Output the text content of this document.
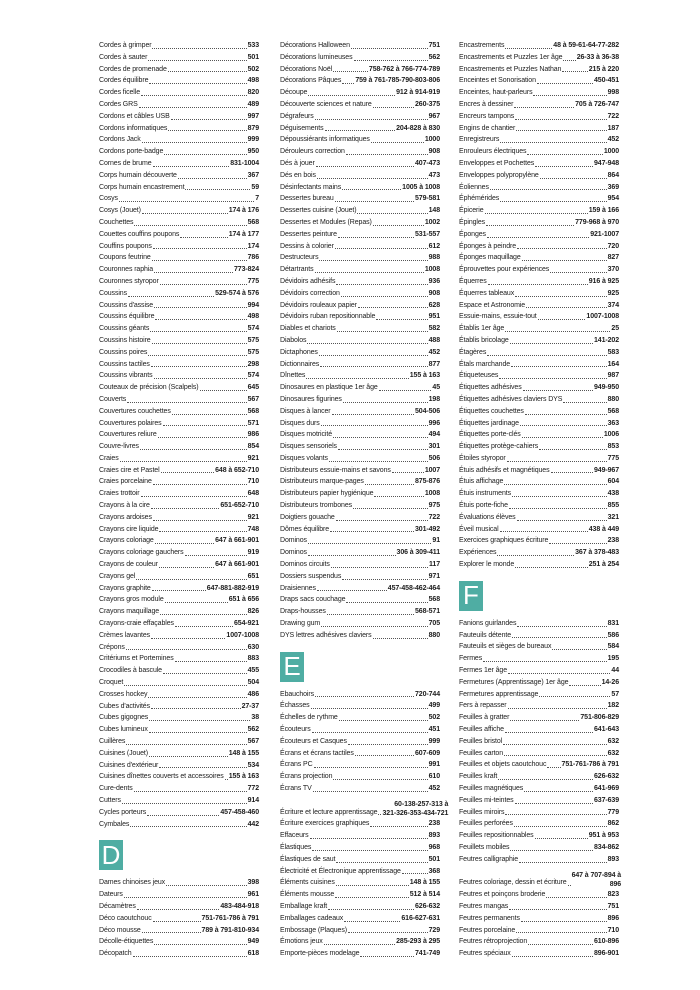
Cordes à grimper	533
Cordes à sauter	501
Cordes de promenade	502
Cordes équilibre	498
Cordes ficelle	820
Cordes GRS	489
Cordons et câbles USB	997
Cordons informatiques	879
Cordons Jack	999
Cordons porte-badge	950
Cornes de brume	831-1004
Corps humain découverte	367
Corps humain encastrement	59
Cosys	7
Cosys (Jouet)	174 à 176
Couchettes	568
Couettes couffins poupons	174 à 177
Couffins poupons	174
Coupons feutrine	786
Couronnes raphia	773-824
Couronnes styropor	775
Coussins	529-574 à 576
Coussins d'assise	994
Coussins équilibre	498
Coussins géants	574
Coussins histoire	575
Coussins poires	575
Coussins tactiles	298
Coussins vibrants	574
Couteaux de précision (Scalpels)	645
Couverts	567
Couvertures couchettes	568
Couvertures polaires	571
Couvertures reliure	986
Couvre-livres	854
Craies	921
Craies cire et Pastel	648 à 652-710
Craies porcelaine	710
Craies trottoir	648
Crayons à la cire	651-652-710
Crayons ardoises	921
Crayons cire liquide	748
Crayons coloriage	647 à 661-901
Crayons coloriage gauchers	919
Crayons de couleur	647 à 661-901
Crayons gel	651
Crayons graphite	647-881-882-919
Crayons gros module	651 à 656
Crayons maquillage	826
Crayons-craie effaçables	654-921
Crèmes lavantes	1007-1008
Crépons	630
Critériums et Portemines	883
Crocodiles à bascule	455
Croquet	504
Crosses hockey	486
Cubes d'activités	27-37
Cubes gigognes	38
Cubes lumineux	562
Cuillères	567
Cuisines (Jouet)	148 à 155
Cuisines d'extérieur	534
Cuisines dînettes couverts et accessoires 155 à 163
Cure-dents	772
Cutters	914
Cycles porteurs	457-458-460
Cymbales	442
D
Dames chinoises jeux	398
Dateurs	961
Décamètres	483-484-918
Déco caoutchouc	751-761-786 à 791
Déco mousse	789 à 791-810-934
Décolle-étiquettes	949
Décopatch	618
Décorations Halloween	751
Décorations lumineuses	562
Décorations Noël	758-762 à 766-774-789
Décorations Pâques 759 à 761-785-790-803-806
Découpe	912 à 914-919
Découverte sciences et nature	260-375
Dégrafeurs	967
Déguisements	204-828 à 830
Dépoussiérants informatiques	1000
Dérouleurs correction	908
Dés à jouer	407-473
Dés en bois	473
Désinfectants mains	1005 à 1008
Dessertes bureau	579-581
Dessertes cuisine (Jouet)	148
Dessertes et Modules (Repas)	1002
Dessertes peinture	531-557
Dessins à colorier	612
Destructeurs	988
Détartrants	1008
Dévidoirs adhésifs	936
Dévidoirs correction	908
Dévidoirs rouleaux papier	628
Dévidoirs ruban repositionnable	951
Diables et chariots	582
Diabolos	488
Dictaphones	452
Dictionnaires	877
Dînettes	155 à 163
Dinosaures en plastique 1er âge	45
Dinosaures figurines	198
Disques à lancer	504-506
Disques durs	996
Disques motricité	494
Disques sensoriels	301
Disques volants	506
Distributeurs essuie-mains et savons	1007
Distributeurs marque-pages	875-876
Distributeurs papier hygiénique	1008
Distributeurs trombones	975
Doigtiers gouache	722
Dômes équilibre	301-492
Dominos	91
Dominos	306 à 309-411
Dominos circuits	117
Dossiers suspendus	971
Draisiennes	457-458-462-464
Draps sacs couchage	568
Draps-housses	568-571
Drawing gum	705
DYS lettres adhésives claviers	880
E
Ebauchoirs	720-744
Échasses	499
Échelles de rythme	502
Écouteurs	451
Écouteurs et Casques	999
Écrans et écrans tactiles	607-609
Écrans PC	991
Écrans projection	610
Écrans TV	452
Écriture et lecture apprentissage
60-138-257-313 à
321-326-353-434-721
Écriture exercices graphiques	238
Effaceurs	893
Élastiques	968
Élastiques de saut	501
Électricité et Électronique apprentissage	368
Éléments cuisines	148 à 155
Éléments mousse	512 à 514
Emballage kraft	626-632
Emballages cadeaux	616-627-631
Embossage (Plaques)	729
Émotions jeux	285-293 à 295
Emporte-pièces modelage	741-749
Encastrements	48 à 59-61-64-77-282
Encastrements et Puzzles 1er âge 26-33 à 36-38
Encastrements et Puzzles Nathan	215 à 220
Enceintes et Sonorisation	450-451
Enceintes, haut-parleurs	998
Encres à dessiner	705 à 726-747
Encreurs tampons	722
Engins de chantier	187
Enregistreurs	452
Enrouleurs électriques	1000
Enveloppes et Pochettes	947-948
Enveloppes polypropylène	864
Éoliennes	369
Éphémérides	954
Épicerie	159 à 166
Épingles	779-968 à 970
Éponges	921-1007
Éponges à peindre	720
Éponges maquillage	827
Éprouvettes pour expériences	370
Équerres	916 à 925
Équerres tableaux	925
Espace et Astronomie	374
Essuie-mains, essuie-tout	1007-1008
Établis 1er âge	25
Établis bricolage	141-202
Étagères	583
Étals marchande	164
Étiqueteuses	987
Étiquettes adhésives	949-950
Étiquettes adhésives claviers DYS	880
Étiquettes couchettes	568
Étiquettes jardinage	363
Étiquettes porte-clés	1006
Étiquettes protège-cahiers	853
Étoiles styropor	775
Étuis adhésifs et magnétiques	949-967
Étuis affichage	604
Étuis instruments	438
Étuis porte-fiche	855
Évaluations élèves	321
Éveil musical	438 à 449
Exercices graphiques écriture	238
Expériences	367 à 378-483
Explorer le monde	251 à 254
F
Fanions guirlandes	831
Fauteuils détente	586
Fauteuils et sièges de bureaux	584
Fermes	195
Fermes 1er âge	44
Fermetures (Apprentissage) 1er âge	14-26
Fermetures apprentissage	57
Fers à repasser	182
Feuilles à gratter	751-806-829
Feuilles affiche	641-643
Feuilles bristol	632
Feuilles carton	632
Feuilles et objets caoutchouc 751-761-786 à 791
Feuilles kraft	626-632
Feuilles magnétiques	641-969
Feuilles mi-teintes	637-639
Feuilles miroirs	779
Feuilles perforées	862
Feuilles repositionnables	951 à 953
Feuillets mobiles	834-862
Feutres calligraphie	893
Feutres coloriage, dessin et écriture
647 à 707-894 à
896
Feutres et poinçons broderie	823
Feutres mangas	751
Feutres permanents	896
Feutres porcelaine	710
Feutres rétroprojection	610-896
Feutres spéciaux	896-901
